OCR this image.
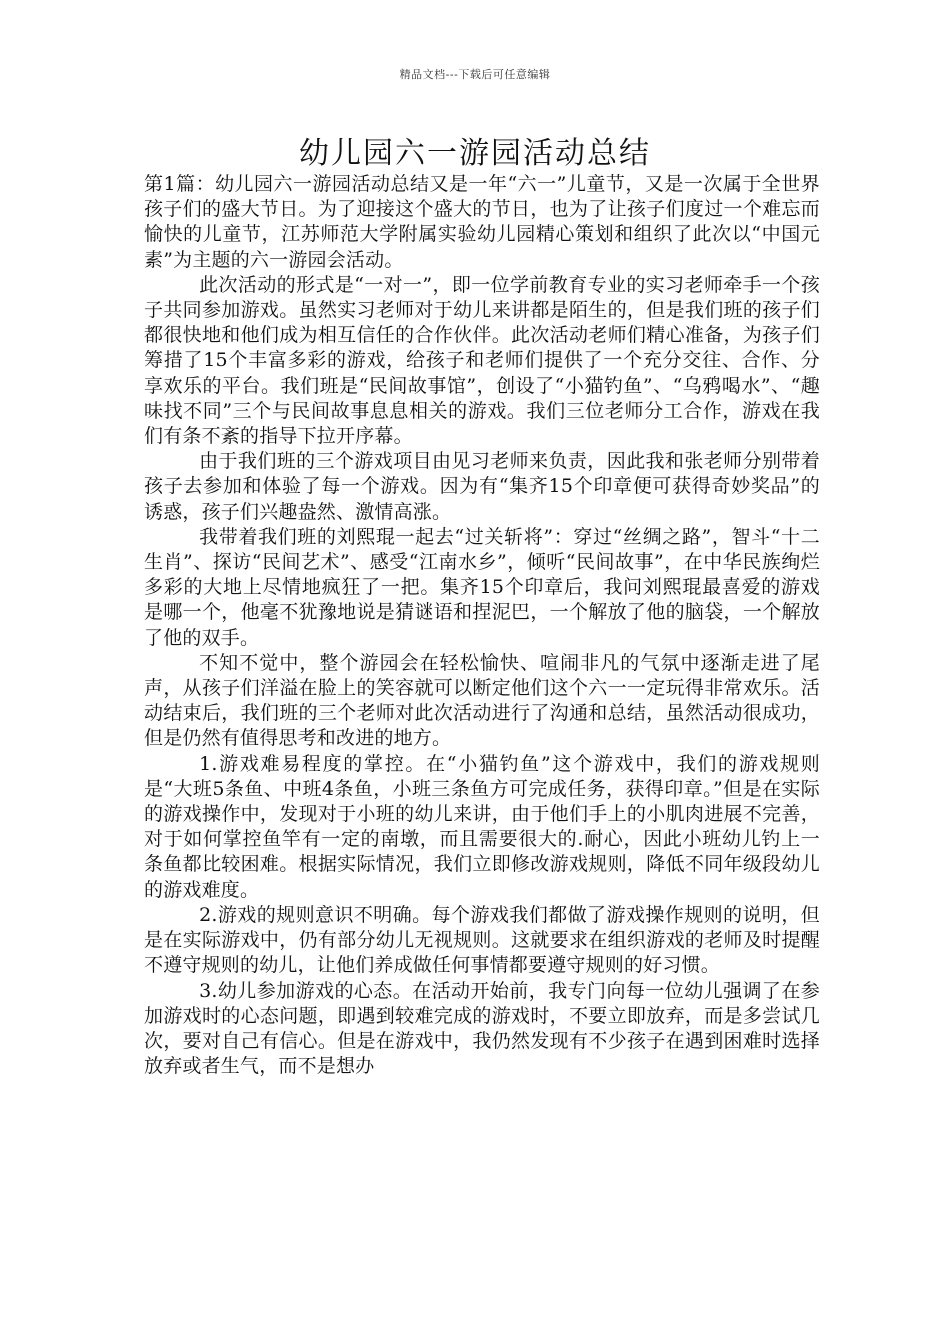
精品文档---下载后可任意编辑
幼儿园六一游园活动总结

第1篇：幼儿园六一游园活动总结又是一年“六一”儿童节，又是一次属于全世界孩子们的盛大节日。为了迎接这个盛大的节日，也为了让孩子们度过一个难忘而愉快的儿童节，江苏师范大学附属实验幼儿园精心策划和组织了此次以“中国元素”为主题的六一游园会活动。

此次活动的形式是“一对一”，即一位学前教育专业的实习老师牵手一个孩子共同参加游戏。虽然实习老师对于幼儿来讲都是陌生的，但是我们班的孩子们都很快地和他们成为相互信任的合作伙伴。此次活动老师们精心准备，为孩子们筹措了15个丰富多彩的游戏，给孩子和老师们提供了一个充分交往、合作、分享欢乐的平台。我们班是“民间故事馆”，创设了“小猫钓鱼”、“乌鸦喝水”、“趣味找不同”三个与民间故事息息相关的游戏。我们三位老师分工合作，游戏在我们有条不紊的指导下拉开序幕。

由于我们班的三个游戏项目由见习老师来负责，因此我和张老师分别带着孩子去参加和体验了每一个游戏。因为有“集齐15个印章便可获得奇妙奖品”的诱惑，孩子们兴趣盎然、激情高涨。

我带着我们班的刘熙琨一起去“过关斩将”：穿过“丝绸之路”，智斗“十二生肖”、探访“民间艺术”、感受“江南水乡”，倾听“民间故事”，在中华民族绚烂多彩的大地上尽情地疯狂了一把。集齐15个印章后，我问刘熙琨最喜爱的游戏是哪一个，他毫不犹豫地说是猜谜语和捏泥巴，一个解放了他的脑袋，一个解放了他的双手。

不知不觉中，整个游园会在轻松愉快、喧闹非凡的气氛中逐渐走进了尾声，从孩子们洋溢在脸上的笑容就可以断定他们这个六一一定玩得非常欢乐。活动结束后，我们班的三个老师对此次活动进行了沟通和总结，虽然活动很成功，但是仍然有值得思考和改进的地方。

1.游戏难易程度的掌控。在“小猫钓鱼”这个游戏中，我们的游戏规则是“大班5条鱼、中班4条鱼，小班三条鱼方可完成任务，获得印章。”但是在实际的游戏操作中，发现对于小班的幼儿来讲，由于他们手上的小肌肉进展不完善，对于如何掌控鱼竿有一定的南墩，而且需要很大的.耐心，因此小班幼儿钓上一条鱼都比较困难。根据实际情况，我们立即修改游戏规则，降低不同年级段幼儿的游戏难度。

2.游戏的规则意识不明确。每个游戏我们都做了游戏操作规则的说明，但是在实际游戏中，仍有部分幼儿无视规则。这就要求在组织游戏的老师及时提醒不遵守规则的幼儿，让他们养成做任何事情都要遵守规则的好习惯。

3.幼儿参加游戏的心态。在活动开始前，我专门向每一位幼儿强调了在参加游戏时的心态问题，即遇到较难完成的游戏时，不要立即放弃，而是多尝试几次，要对自己有信心。但是在游戏中，我仍然发现有不少孩子在遇到困难时选择放弃或者生气，而不是想办
